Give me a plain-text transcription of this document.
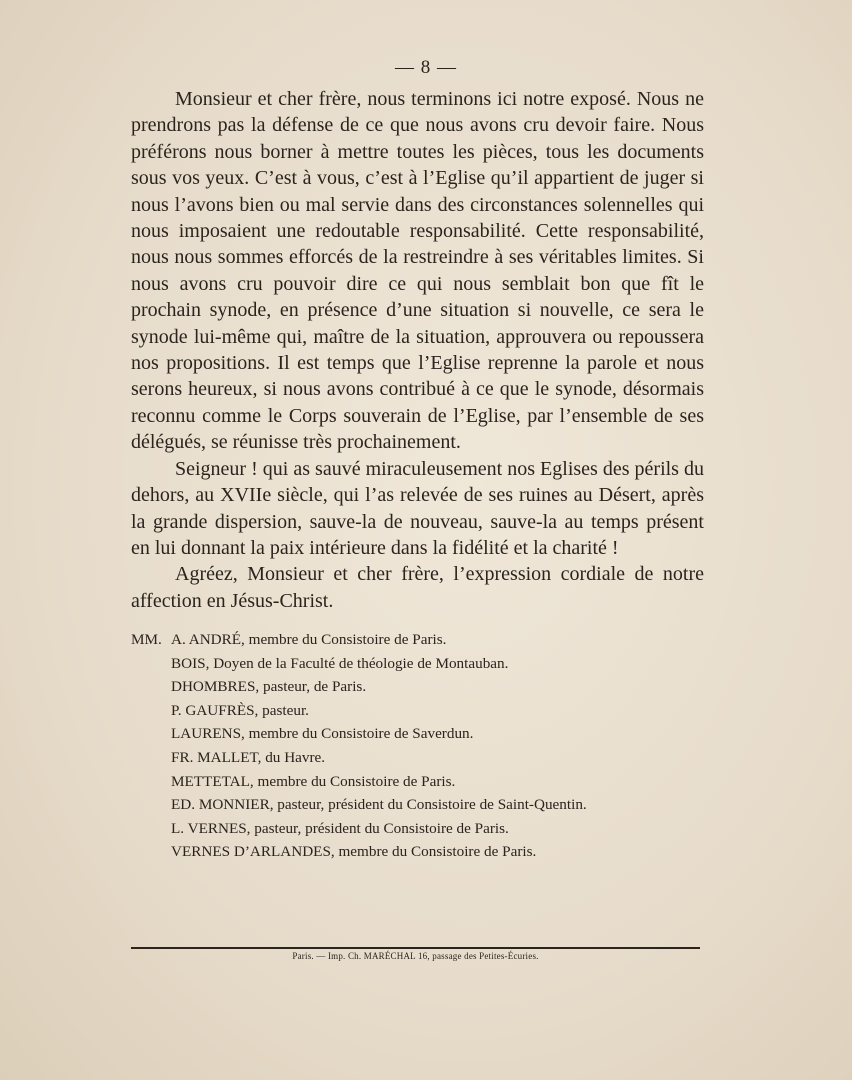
— 8 —

Monsieur et cher frère, nous terminons ici notre exposé. Nous ne prendrons pas la défense de ce que nous avons cru devoir faire. Nous préférons nous borner à mettre toutes les pièces, tous les documents sous vos yeux. C’est à vous, c’est à l’Eglise qu’il appartient de juger si nous l’avons bien ou mal servie dans des circonstances solennelles qui nous imposaient une redoutable responsabilité. Cette responsabilité, nous nous sommes efforcés de la restreindre à ses véritables limites. Si nous avons cru pouvoir dire ce qui nous semblait bon que fît le prochain synode, en présence d’une situation si nouvelle, ce sera le synode lui-même qui, maître de la situation, approuvera ou repoussera nos propositions. Il est temps que l’Eglise reprenne la parole et nous serons heureux, si nous avons contribué à ce que le synode, désormais reconnu comme le Corps souverain de l’Eglise, par l’ensemble de ses délégués, se réunisse très prochainement.

Seigneur ! qui as sauvé miraculeusement nos Eglises des périls du dehors, au XVIIe siècle, qui l’as relevée de ses ruines au Désert, après la grande dispersion, sauve-la de nouveau, sauve-la au temps présent en lui donnant la paix intérieure dans la fidélité et la charité !

Agréez, Monsieur et cher frère, l’expression cordiale de notre affection en Jésus-Christ.

MM. A. ANDRÉ, membre du Consistoire de Paris.
BOIS, Doyen de la Faculté de théologie de Montauban.
DHOMBRES, pasteur, de Paris.
P. GAUFRÈS, pasteur.
LAURENS, membre du Consistoire de Saverdun.
FR. MALLET, du Havre.
METTETAL, membre du Consistoire de Paris.
ED. MONNIER, pasteur, président du Consistoire de Saint-Quentin.
L. VERNES, pasteur, président du Consistoire de Paris.
VERNES D’ARLANDES, membre du Consistoire de Paris.
Paris. — Imp. Ch. MARÉCHAL 16, passage des Petites-Écuries.
